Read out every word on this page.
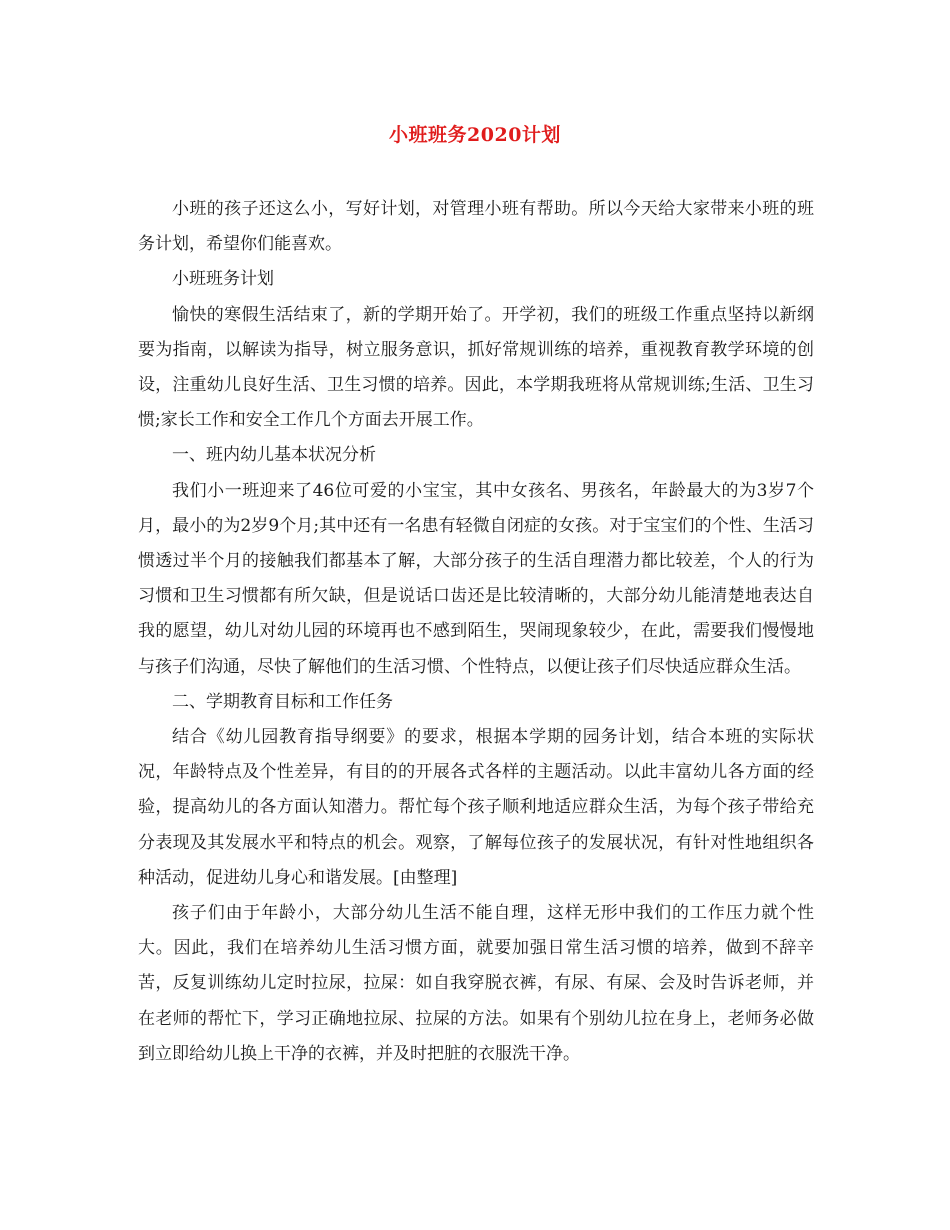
小班班务2020计划

小班的孩子还这么小，写好计划，对管理小班有帮助。所以今天给大家带来小班的班务计划，希望你们能喜欢。

小班班务计划

愉快的寒假生活结束了，新的学期开始了。开学初，我们的班级工作重点坚持以新纲要为指南，以解读为指导，树立服务意识，抓好常规训练的培养，重视教育教学环境的创设，注重幼儿良好生活、卫生习惯的培养。因此，本学期我班将从常规训练;生活、卫生习惯;家长工作和安全工作几个方面去开展工作。

一、班内幼儿基本状况分析

我们小一班迎来了46位可爱的小宝宝，其中女孩名、男孩名，年龄最大的为3岁7个月，最小的为2岁9个月;其中还有一名患有轻微自闭症的女孩。对于宝宝们的个性、生活习惯透过半个月的接触我们都基本了解，大部分孩子的生活自理潜力都比较差，个人的行为习惯和卫生习惯都有所欠缺，但是说话口齿还是比较清晰的，大部分幼儿能清楚地表达自我的愿望，幼儿对幼儿园的环境再也不感到陌生，哭闹现象较少，在此，需要我们慢慢地与孩子们沟通，尽快了解他们的生活习惯、个性特点，以便让孩子们尽快适应群众生活。

二、学期教育目标和工作任务

结合《幼儿园教育指导纲要》的要求，根据本学期的园务计划，结合本班的实际状况，年龄特点及个性差异，有目的的开展各式各样的主题活动。以此丰富幼儿各方面的经验，提高幼儿的各方面认知潜力。帮忙每个孩子顺利地适应群众生活，为每个孩子带给充分表现及其发展水平和特点的机会。观察，了解每位孩子的发展状况，有针对性地组织各种活动，促进幼儿身心和谐发展。[由整理]

孩子们由于年龄小，大部分幼儿生活不能自理，这样无形中我们的工作压力就个性大。因此，我们在培养幼儿生活习惯方面，就要加强日常生活习惯的培养，做到不辞辛苦，反复训练幼儿定时拉尿，拉屎：如自我穿脱衣裤，有尿、有屎、会及时告诉老师，并在老师的帮忙下，学习正确地拉尿、拉屎的方法。如果有个别幼儿拉在身上，老师务必做到立即给幼儿换上干净的衣裤，并及时把脏的衣服洗干净。
